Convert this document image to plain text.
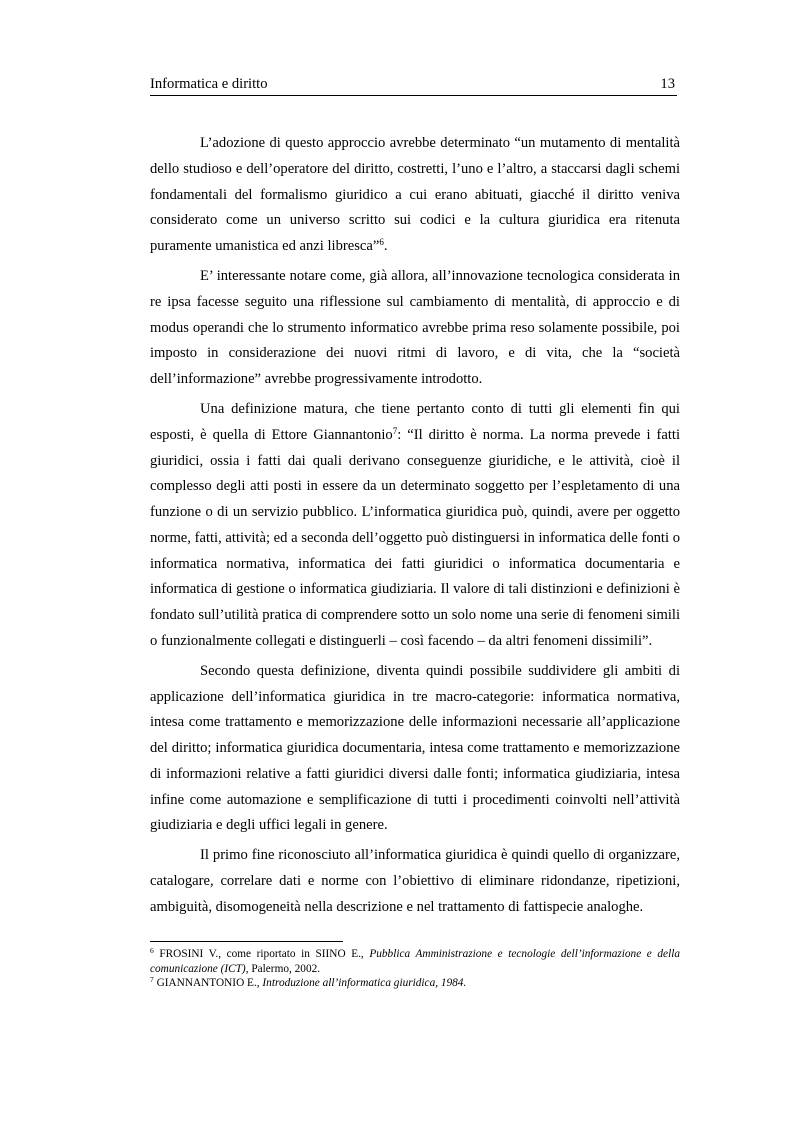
Informatica e diritto	13

L’adozione di questo approccio avrebbe determinato “un mutamento di mentalità dello studioso e dell’operatore del diritto, costretti, l’uno e l’altro, a staccarsi dagli schemi fondamentali del formalismo giuridico a cui erano abituati, giacché il diritto veniva considerato come un universo scritto sui codici e la cultura giuridica era ritenuta puramente umanistica ed anzi libresca”$^6$.

E’ interessante notare come, già allora, all’innovazione tecnologica considerata in re ipsa facesse seguito una riflessione sul cambiamento di mentalità, di approccio e di modus operandi che lo strumento informatico avrebbe prima reso solamente possibile, poi imposto in considerazione dei nuovi ritmi di lavoro, e di vita, che la “società dell’informazione” avrebbe progressivamente introdotto.

Una definizione matura, che tiene pertanto conto di tutti gli elementi fin qui esposti, è quella di Ettore Giannantonio$^7$: “Il diritto è norma. La norma prevede i fatti giuridici, ossia i fatti dai quali derivano conseguenze giuridiche, e le attività, cioè il complesso degli atti posti in essere da un determinato soggetto per l’espletamento di una funzione o di un servizio pubblico. L’informatica giuridica può, quindi, avere per oggetto norme, fatti, attività; ed a seconda dell’oggetto può distinguersi in informatica delle fonti o informatica normativa, informatica dei fatti giuridici o informatica documentaria e informatica di gestione o informatica giudiziaria. Il valore di tali distinzioni e definizioni è fondato sull’utilità pratica di comprendere sotto un solo nome una serie di fenomeni simili o funzionalmente collegati e distinguerli – così facendo – da altri fenomeni dissimili”.

Secondo questa definizione, diventa quindi possibile suddividere gli ambiti di applicazione dell’informatica giuridica in tre macro-categorie: informatica normativa, intesa come trattamento e memorizzazione delle informazioni necessarie all’applicazione del diritto; informatica giuridica documentaria, intesa come trattamento e memorizzazione di informazioni relative a fatti giuridici diversi dalle fonti; informatica giudiziaria, intesa infine come automazione e semplificazione di tutti i procedimenti coinvolti nell’attività giudiziaria e degli uffici legali in genere.

Il primo fine riconosciuto all’informatica giuridica è quindi quello di organizzare, catalogare, correlare dati e norme con l’obiettivo di eliminare ridondanze, ripetizioni, ambiguità, disomogeneità nella descrizione e nel trattamento di fattispecie analoghe.

$^6$ FROSINI V., come riportato in SIINO E., Pubblica Amministrazione e tecnologie dell’informazione e della comunicazione (ICT), Palermo, 2002.

$^7$ GIANNANTONIO E., Introduzione all’informatica giuridica, 1984.
